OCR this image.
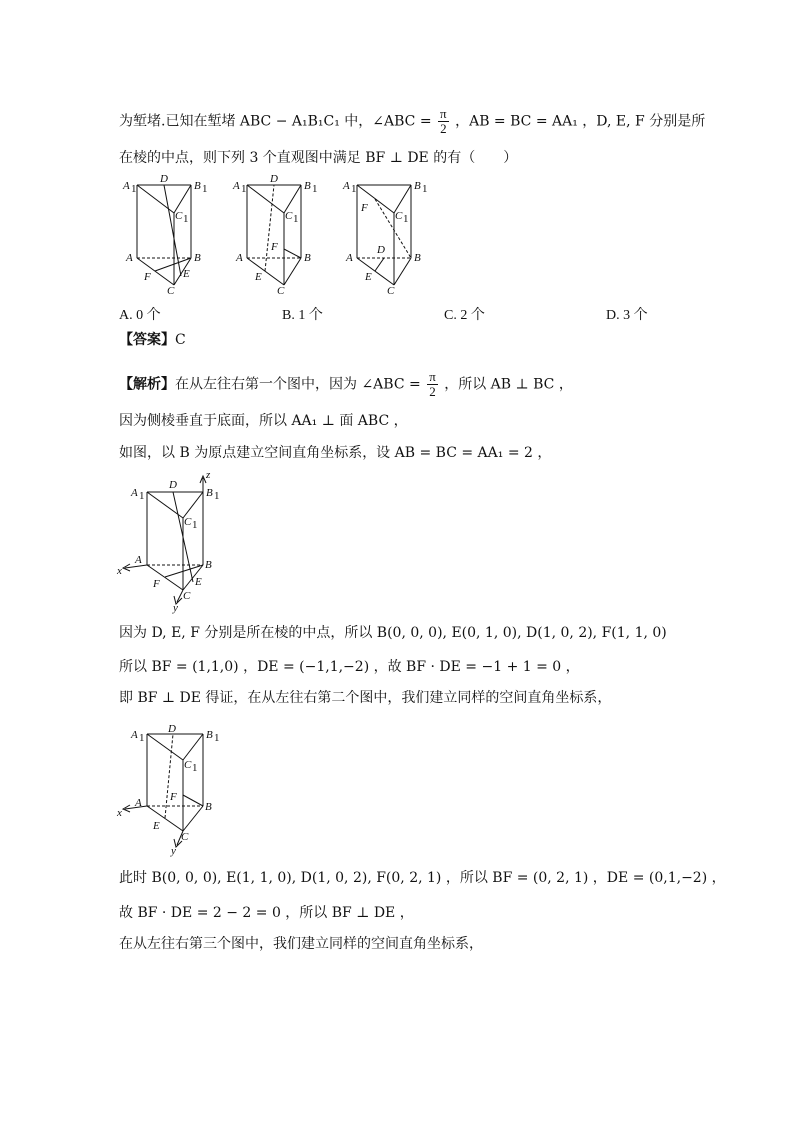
为堑堵.已知在堑堵 ABC − A₁B₁C₁ 中，∠ABC = $\frac{\pi}{2}$ ，AB = BC = AA₁ ，D, E, F 分别是所
在棱的中点，则下列 3 个直观图中满足 BF ⊥ DE 的有（　　）
A 1
D
B 1
C 1
A	B
F	E
C
A 1
D
B 1
C 1
F
A	B
E
C
A 1	B 1
F
C 1
D
A	B
E
C
A. 0 个	B. 1 个	C. 2 个	D. 3 个
【答案】C
【解析】在从左往右第一个图中，因为 ∠ABC = $\frac{\pi}{2}$ ，所以 AB ⊥ BC ，
因为侧棱垂直于底面，所以 AA₁ ⊥ 面 ABC ，
如图，以 B 为原点建立空间直角坐标系，设 AB = BC = AA₁ = 2 ，
z
A 1
D
B 1
C 1
A	B
x
F	E
C
y
因为 D, E, F 分别是所在棱的中点，所以 B(0, 0, 0), E(0, 1, 0), D(1, 0, 2), F(1, 1, 0)
所以 BF = (1,1,0) ，DE = (−1,1,−2) ，故 BF · DE = −1 + 1 = 0 ，
即 BF ⊥ DE 得证，在从左往右第二个图中，我们建立同样的空间直角坐标系，
A 1
D	B 1
C 1
F
A	B
x
E
C
y
此时 B(0, 0, 0), E(1, 1, 0), D(1, 0, 2), F(0, 2, 1) ，所以 BF = (0, 2, 1) ，DE = (0,1,−2) ，
故 BF · DE = 2 − 2 = 0 ，所以 BF ⊥ DE ，
在从左往右第三个图中，我们建立同样的空间直角坐标系，
